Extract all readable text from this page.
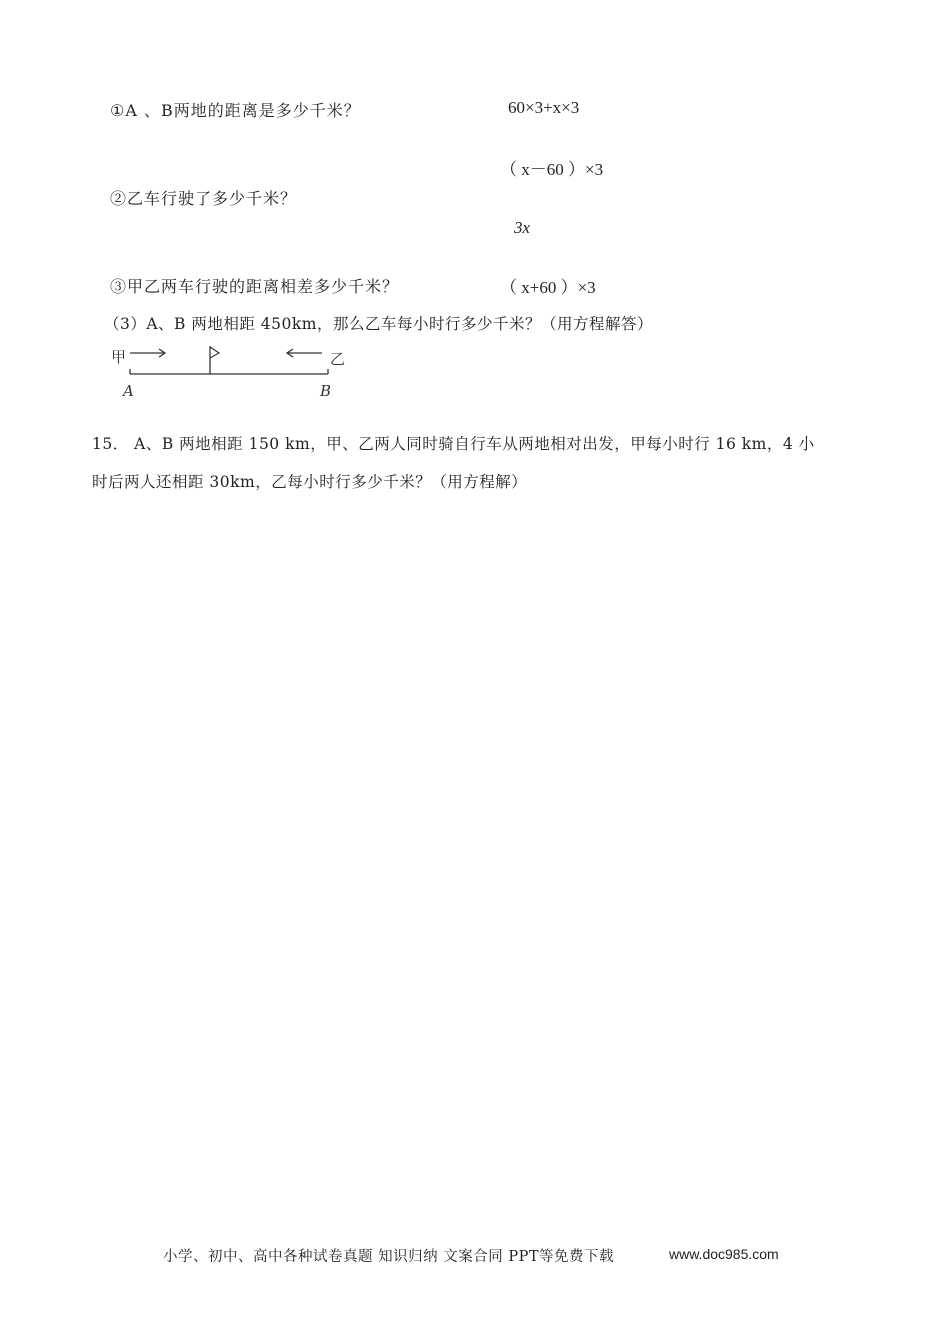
①A 、B两地的距离是多少千米？
②乙车行驶了多少千米？
③甲乙两车行驶的距离相差多少千米？
60×3+x×3
（ x－60 ）×3
3x
（ x+60 ）×3
（3）A、B 两地相距 450km，那么乙车每小时行多少千米？（用方程解答）
甲	乙
A	B
15． A、B 两地相距 150 km，甲、乙两人同时骑自行车从两地相对出发，甲每小时行 16 km，4 小
时后两人还相距 30km，乙每小时行多少千米？（用方程解）
小学、初中、高中各种试卷真题 知识归纳 文案合同 PPT等免费下载	www.doc985.com
